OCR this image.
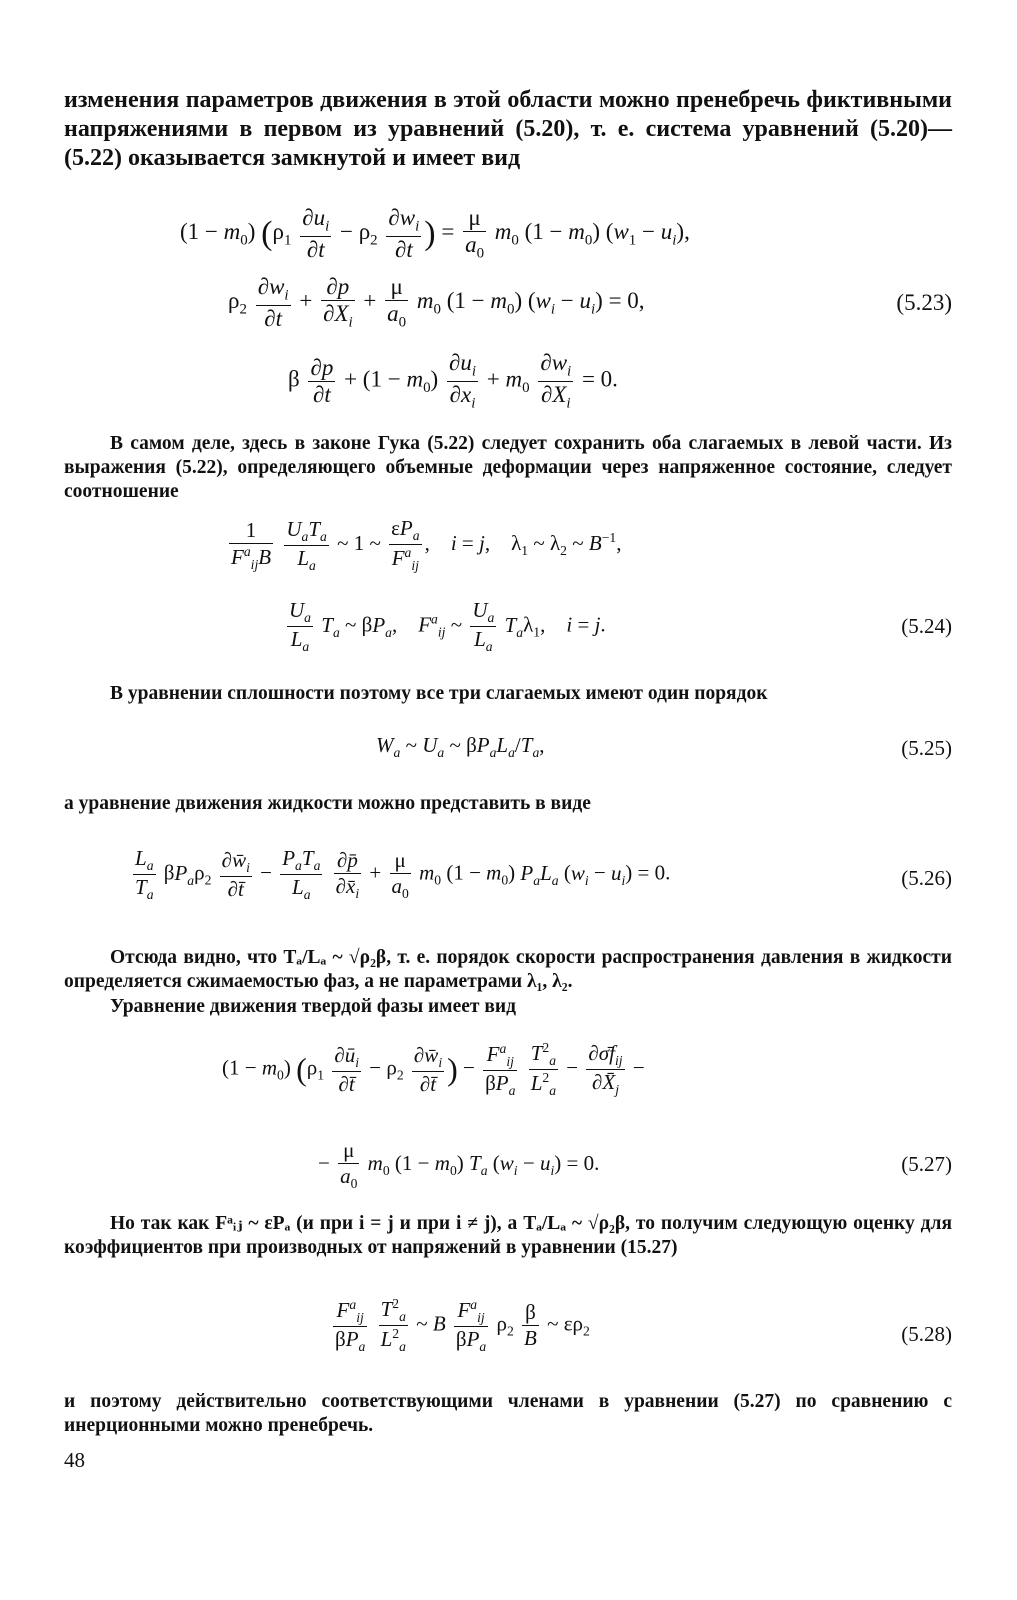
изменения параметров движения в этой области можно пренебречь фиктивными напряжениями в первом из уравнений (5.20), т. е. система уравнений (5.20)—(5.22) оказывается замкнутой и имеет вид
$(1 - m_0)$ ($\rho_1 \frac{\partial u_i}{\partial t} - \rho_2 \frac{\partial w_i}{\partial t}$ ) = $\frac{\mu}{a_0} m_0$ $(1 - m_0)$ $(w_1 - u_i)$,
$\rho_2 \frac{\partial w_i}{\partial t} + \frac{\partial p}{\partial X_i} + \frac{\mu}{a_0} m_0$ $(1 - m_0)$ $(w_i - u_i) = 0$,	(5.23)
β $\frac{\partial p}{\partial t} + (1 - m_0) \frac{\partial u_i}{\partial x_i} + m_0 \frac{\partial w_i}{\partial X_i} = 0$.
В самом деле, здесь в законе Гука (5.22) следует сохранить оба слагаемых в левой части. Из выражения (5.22), определяющего объемные деформации через напряженное состояние, следует соотношение
$\frac{1}{F^a_{ij}B}$
$\frac{U_aT_a}{L_a}$ ~ 1 ~ $\frac{\varepsilon P_a}{F^a_{ij}}$ ,    i = j,    $\lambda_1$ ~ $\lambda_2$ ~ $B^{-1}$,
$\frac{U_a}{L_a} T_a$ ~ $\beta P_a$,    $F^a_{ij}$ ~ $\frac{U_a}{L_a} T_a\lambda_1$,    i = j.	(5.24)
В уравнении сплошности поэтому все три слагаемых имеют один порядок
$W_a$ ~ $U_a$ ~ $\beta P_aL_a/T_a$,	(5.25)
а уравнение движения жидкости можно представить в виде
$\frac{L_a}{T_a} \beta P_a\rho_2 \frac{\partial w̄_i}{\partial t̄} - \frac{P_aT_a}{L_a}$
$\frac{\partial p̄}{\partial x̄_i} + \frac{\mu}{a_0} m_0$ $(1 - m_0)$ $P_aL_a$ $(w_i - u_i) = 0$.	(5.26)
Отсюда видно, что Tₐ/Lₐ ~ √ρ₂β, т. е. порядок скорости распространения давления в жидкости определяется сжимаемостью фаз, а не параметрами λ₁, λ₂.
Уравнение движения твердой фазы имеет вид
$(1 - m_0)$ ($\rho_1 \frac{\partial ū_i}{\partial t̄} - \rho_2 \frac{\partial w̄_i}{\partial t̄}$ ) − $\frac{F^a_{ij}}{\beta P_a}$
$\frac{T^2_a}{L^2_a} - \frac{\partial\sigmāf_{ij}}{\partial X̄_j}$ −
− $\frac{\mu}{a_0} m_0$ $(1 - m_0)$ $T_a$ $(w_i - u_i) = 0$.	(5.27)
Но так как Fᵃᵢⱼ ~ εPₐ (и при i = j и при i ≠ j), а Tₐ/Lₐ ~ √ρ₂β, то получим следующую оценку для коэффициентов при производных от напряжений в уравнении (15.27)
$\frac{F^a_{ij}}{\beta P_a}$
$\frac{T^2_a}{L^2_a}$ ~ B $\frac{F^a_{ij}}{\beta P_a} \rho_2 \frac{\beta}{B}$ ~ $\varepsilon\rho_2$	(5.28)
и поэтому действительно соответствующими членами в уравнении (5.27) по сравнению с инерционными можно пренебречь.
48
